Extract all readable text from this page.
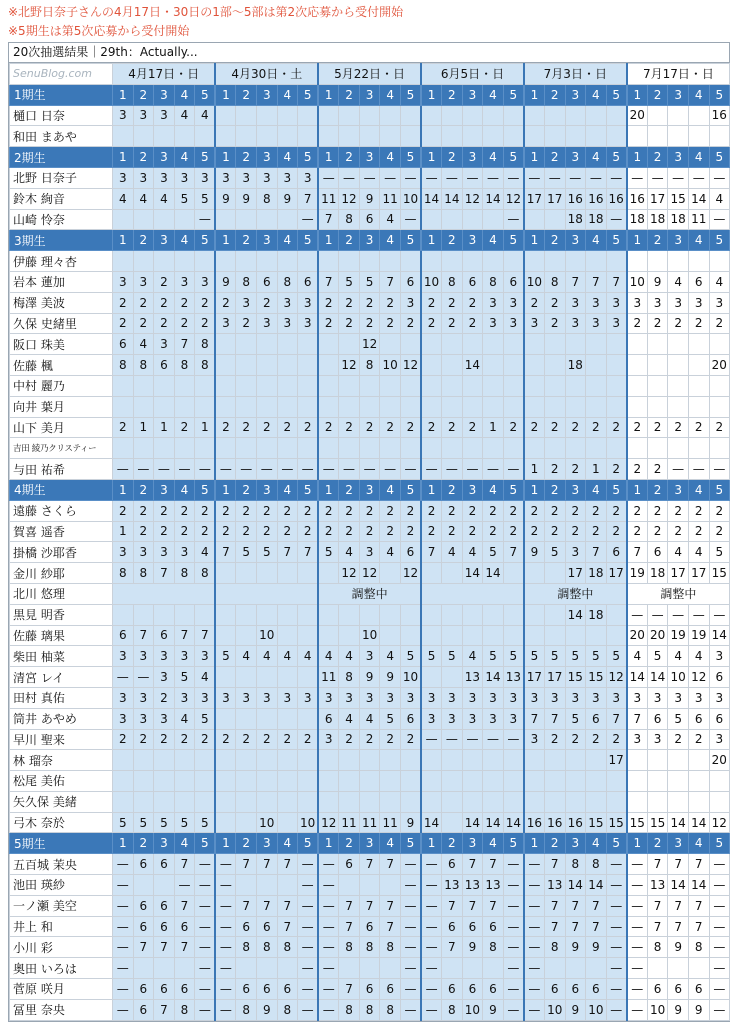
※北野日奈子さんの4月17日・30日の1部〜5部は第2次応募から受付開始
※5期生は第5次応募から受付開始
20次抽選結果｜29th：Actually...
SenuBlog.com	4月17日・日					4月30日・土					5月22日・日					6月5日・日					7月3日・日					7月17日・日				
1期生	1	2	3	4	5	1	2	3	4	5	1	2	3	4	5	1	2	3	4	5	1	2	3	4	5	1	2	3	4	5
樋口 日奈	3	3	3	4	4																					20				16
和田 まあや																														
2期生	1	2	3	4	5	1	2	3	4	5	1	2	3	4	5	1	2	3	4	5	1	2	3	4	5	1	2	3	4	5
北野 日奈子	3	3	3	3	3	3	3	3	3	3	—	—	—	—	—	—	—	—	—	—	—	—	—	—	—	—	—	—	—	—
鈴木 絢音	4	4	4	5	5	9	9	8	9	7	11	12	9	11	10	14	14	12	14	12	17	17	16	16	16	16	17	15	14	4
山崎 怜奈					—					—	7	8	6	4	—					—			18	18	—	18	18	18	11	—
3期生	1	2	3	4	5	1	2	3	4	5	1	2	3	4	5	1	2	3	4	5	1	2	3	4	5	1	2	3	4	5
伊藤 理々杏																														
岩本 蓮加	3	3	2	3	3	9	8	6	8	6	7	5	5	7	6	10	8	6	8	6	10	8	7	7	7	10	9	4	6	4
梅澤 美波	2	2	2	2	2	2	3	2	3	3	2	2	2	2	3	2	2	2	3	3	2	2	3	3	3	3	3	3	3	3
久保 史緒里	2	2	2	2	2	3	2	3	3	3	2	2	2	2	2	2	2	2	3	3	3	2	3	3	3	2	2	2	2	2
阪口 珠美	6	4	3	7	8								12																	
佐藤 楓	8	8	6	8	8							12	8	10	12			14					18							20
中村 麗乃																														
向井 葉月																														
山下 美月	2	1	1	2	1	2	2	2	2	2	2	2	2	2	2	2	2	2	1	2	2	2	2	2	2	2	2	2	2	2
吉田 綾乃クリスティー																														
与田 祐希	—	—	—	—	—	—	—	—	—	—	—	—	—	—	—	—	—	—	—	—	1	2	2	1	2	2	2	—	—	—
4期生	1	2	3	4	5	1	2	3	4	5	1	2	3	4	5	1	2	3	4	5	1	2	3	4	5	1	2	3	4	5
遠藤 さくら	2	2	2	2	2	2	2	2	2	2	2	2	2	2	2	2	2	2	2	2	2	2	2	2	2	2	2	2	2	2
賀喜 遥香	1	2	2	2	2	2	2	2	2	2	2	2	2	2	2	2	2	2	2	2	2	2	2	2	2	2	2	2	2	2
掛橋 沙耶香	3	3	3	3	4	7	5	5	7	7	5	4	3	4	6	7	4	4	5	7	9	5	3	7	6	7	6	4	4	5
金川 紗耶	8	8	7	8	8							12	12		12			14	14				17	18	17	19	18	17	17	15
北川 悠理											調整中										調整中					調整中				
黒見 明香																							14	18		—	—	—	—	—
佐藤 璃果	6	7	6	7	7			10					10													20	20	19	19	14
柴田 柚菜	3	3	3	3	3	5	4	4	4	4	4	4	3	4	5	5	5	4	5	5	5	5	5	5	5	4	5	4	4	3
清宮 レイ	—	—	3	5	4						11	8	9	9	10			13	14	13	17	17	15	15	12	14	14	10	12	6
田村 真佑	3	3	2	3	3	3	3	3	3	3	3	3	3	3	3	3	3	3	3	3	3	3	3	3	3	3	3	3	3	3
筒井 あやめ	3	3	3	4	5						6	4	4	5	6	3	3	3	3	3	7	7	5	6	7	7	6	5	6	6
早川 聖来	2	2	2	2	2	2	2	2	2	2	3	2	2	2	2	—	—	—	—	—	3	2	2	2	2	3	3	2	2	3
林 瑠奈																									17					20
松尾 美佑																														
矢久保 美緒																														
弓木 奈於	5	5	5	5	5			10		10	12	11	11	11	9	14		14	14	14	16	16	16	15	15	15	15	14	14	12
5期生	1	2	3	4	5	1	2	3	4	5	1	2	3	4	5	1	2	3	4	5	1	2	3	4	5	1	2	3	4	5
五百城 茉央	—	6	6	7	—	—	7	7	7	—	—	6	7	7	—	—	6	7	7	—	—	7	8	8	—	—	7	7	7	—
池田 瑛紗	—			—	—	—				—	—				—	—	13	13	13	—	—	13	14	14	—	—	13	14	14	—
一ノ瀬 美空	—	6	6	7	—	—	7	7	7	—	—	7	7	7	—	—	7	7	7	—	—	7	7	7	—	—	7	7	7	—
井上 和	—	6	6	6	—	—	6	6	7	—	—	7	6	7	—	—	6	6	6	—	—	7	7	7	—	—	7	7	7	—
小川 彩	—	7	7	7	—	—	8	8	8	—	—	8	8	8	—	—	7	9	8	—	—	8	9	9	—	—	8	9	8	—
奥田 いろは	—				—	—				—	—				—	—				—	—				—	—				—
菅原 咲月	—	6	6	6	—	—	6	6	6	—	—	7	6	6	—	—	6	6	6	—	—	6	6	6	—	—	6	6	6	—
冨里 奈央	—	6	7	8	—	—	8	9	8	—	—	8	8	8	—	—	8	10	9	—	—	10	9	10	—	—	10	9	9	—
